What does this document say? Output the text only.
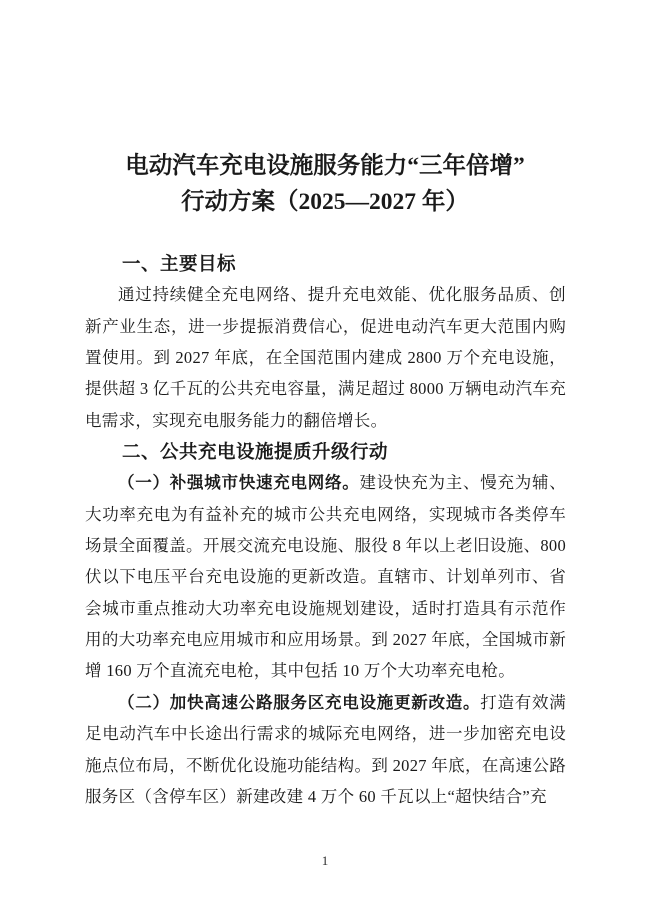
电动汽车充电设施服务能力“三年倍增”
行动方案（2025—2027 年）
一、主要目标

通过持续健全充电网络、提升充电效能、优化服务品质、创新产业生态，进一步提振消费信心，促进电动汽车更大范围内购置使用。到 2027 年底，在全国范围内建成 2800 万个充电设施，提供超 3 亿千瓦的公共充电容量，满足超过 8000 万辆电动汽车充电需求，实现充电服务能力的翻倍增长。

二、公共充电设施提质升级行动

（一）补强城市快速充电网络。建设快充为主、慢充为辅、大功率充电为有益补充的城市公共充电网络，实现城市各类停车场景全面覆盖。开展交流充电设施、服役 8 年以上老旧设施、800 伏以下电压平台充电设施的更新改造。直辖市、计划单列市、省会城市重点推动大功率充电设施规划建设，适时打造具有示范作用的大功率充电应用城市和应用场景。到 2027 年底，全国城市新增 160 万个直流充电枪，其中包括 10 万个大功率充电枪。

（二）加快高速公路服务区充电设施更新改造。打造有效满足电动汽车中长途出行需求的城际充电网络，进一步加密充电设施点位布局，不断优化设施功能结构。到 2027 年底，在高速公路服务区（含停车区）新建改建 4 万个 60 千瓦以上“超快结合”充

1
